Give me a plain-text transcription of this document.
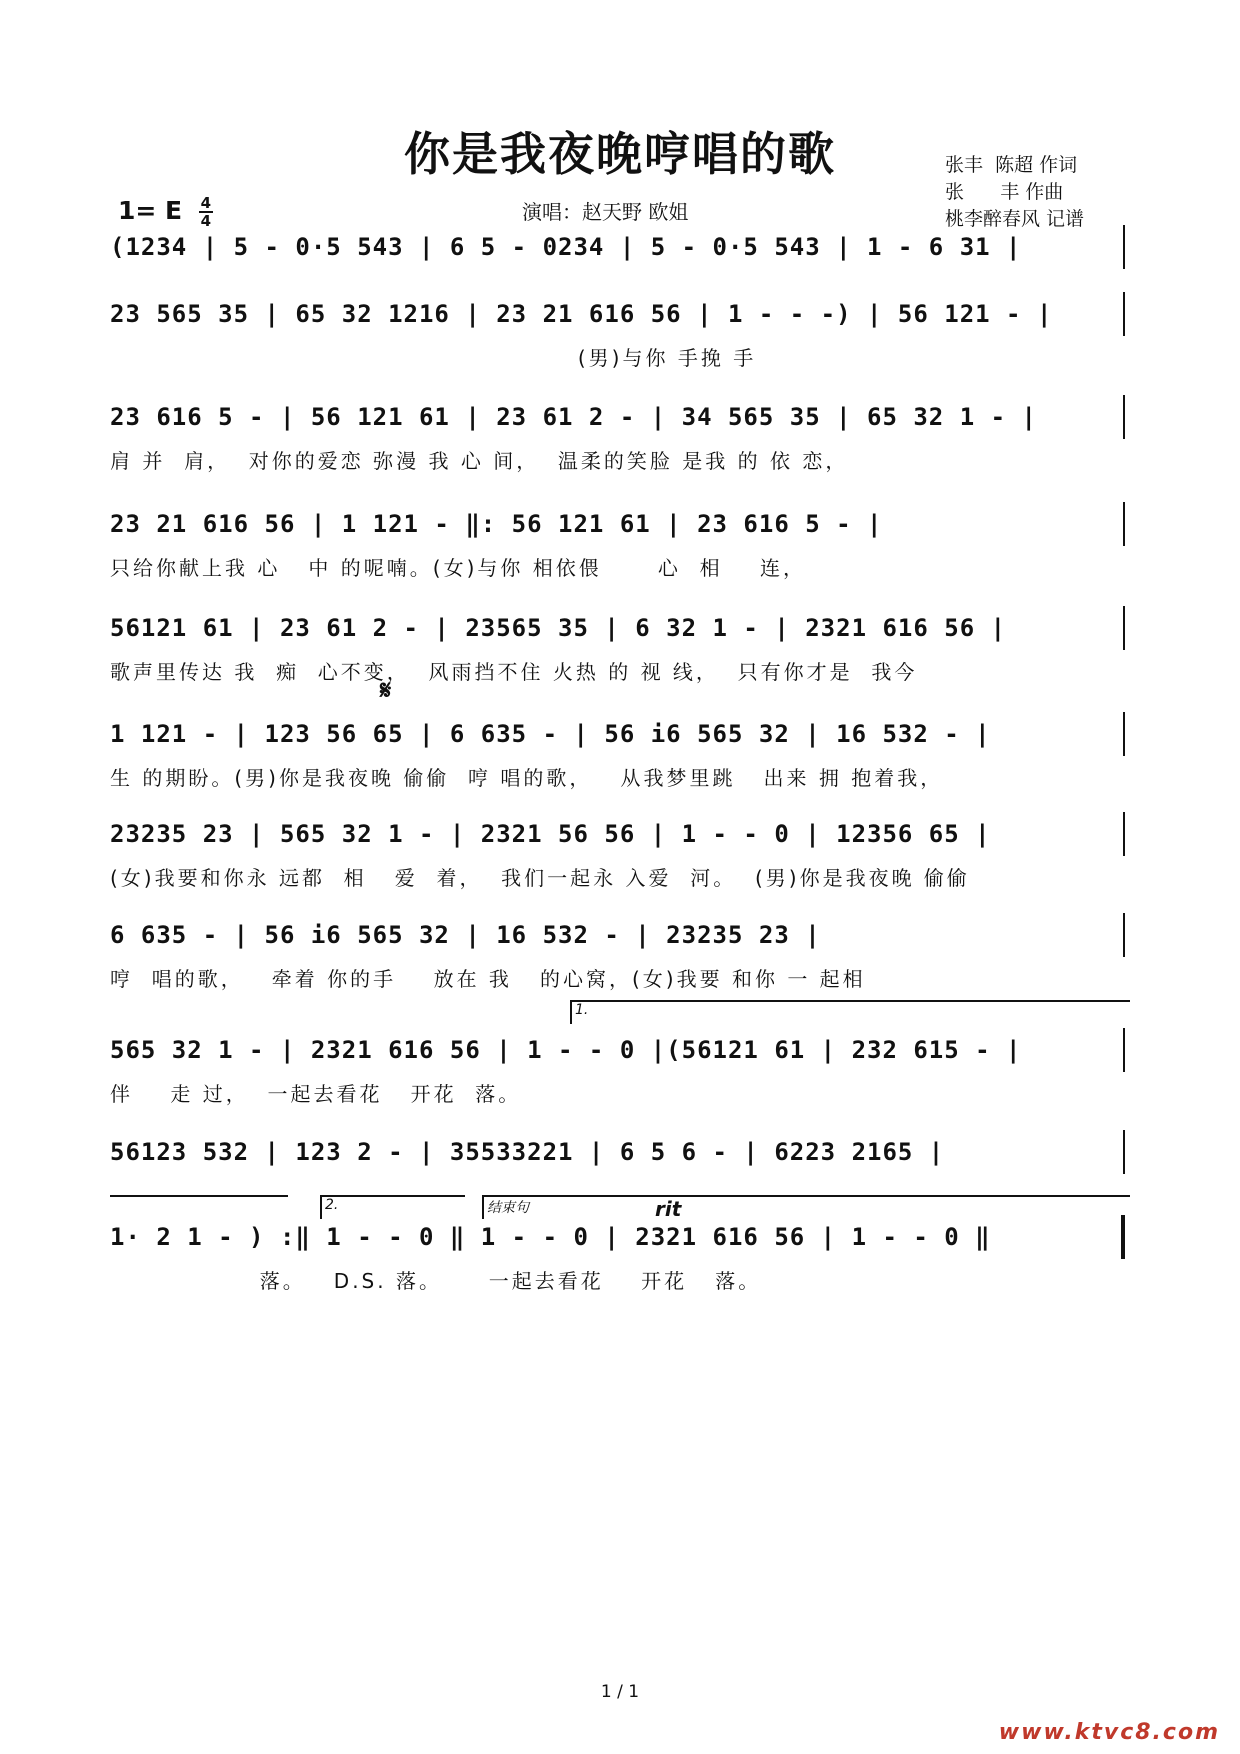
你是我夜晚哼唱的歌	张丰  陈超 作词
张      丰 作曲
桃李醉春风 记谱
1= E $\frac{4}{4}$	演唱：赵天野 欧姐
(1234 | 5 - 0·5 543 | 6 5 - 0234 | 5 - 0·5 543 | 1 - 6 31 |
23 565 35 | 65 32 1216 | 23 21 616 56 | 1 - - -) | 56 121 - |
(男)与你 手挽 手
23 616 5 - | 56 121 61 | 23 61 2 - | 34 565 35 | 65 32 1 - |
肩 并  肩，  对你的爱恋 弥漫 我 心 间，  温柔的笑脸 是我 的 依 恋，
23 21 616 56 | 1 121 - ‖: 56 121 61 | 23 616 5 - |
只给你献上我 心   中 的呢喃。(女)与你 相依偎      心  相    连，
56121 61 | 23 61 2 - | 23565 35 | 6 32 1 - | 2321 616 56 |
歌声里传达 我  痴  心不变，  风雨挡不住 火热 的 视 线，  只有你才是  我今
𝄋
1 121 - | 123 56 65 | 6 635 - | 56 i6 565 32 | 16 532 - |
生 的期盼。(男)你是我夜晚 偷偷  哼 唱的歌，   从我梦里跳   出来 拥 抱着我，
23235 23 | 565 32 1 - | 2321 56 56 | 1 - - 0 | 12356 65 |
(女)我要和你永 远都  相   爱  着，  我们一起永 入爱  河。  (男)你是我夜晚 偷偷
6 635 - | 56 i6 565 32 | 16 532 - | 23235 23 |
哼  唱的歌，   牵着 你的手    放在 我   的心窝，(女)我要 和你 一 起相
1.
565 32 1 - | 2321 616 56 | 1 - - 0 |(56121 61 | 232 615 - |
伴    走 过，  一起去看花   开花  落。
56123 532 | 123 2 - | 35533221 | 6 5 6 - | 6223 2165 |
2.	结束句	rit
1· 2 1 - ) :‖ 1 - - 0 ‖ 1 - - 0 | 2321 616 56 | 1 - - 0 ‖
落。   D.S. 落。     一起去看花    开花   落。
1 / 1
www.ktvc8.com
